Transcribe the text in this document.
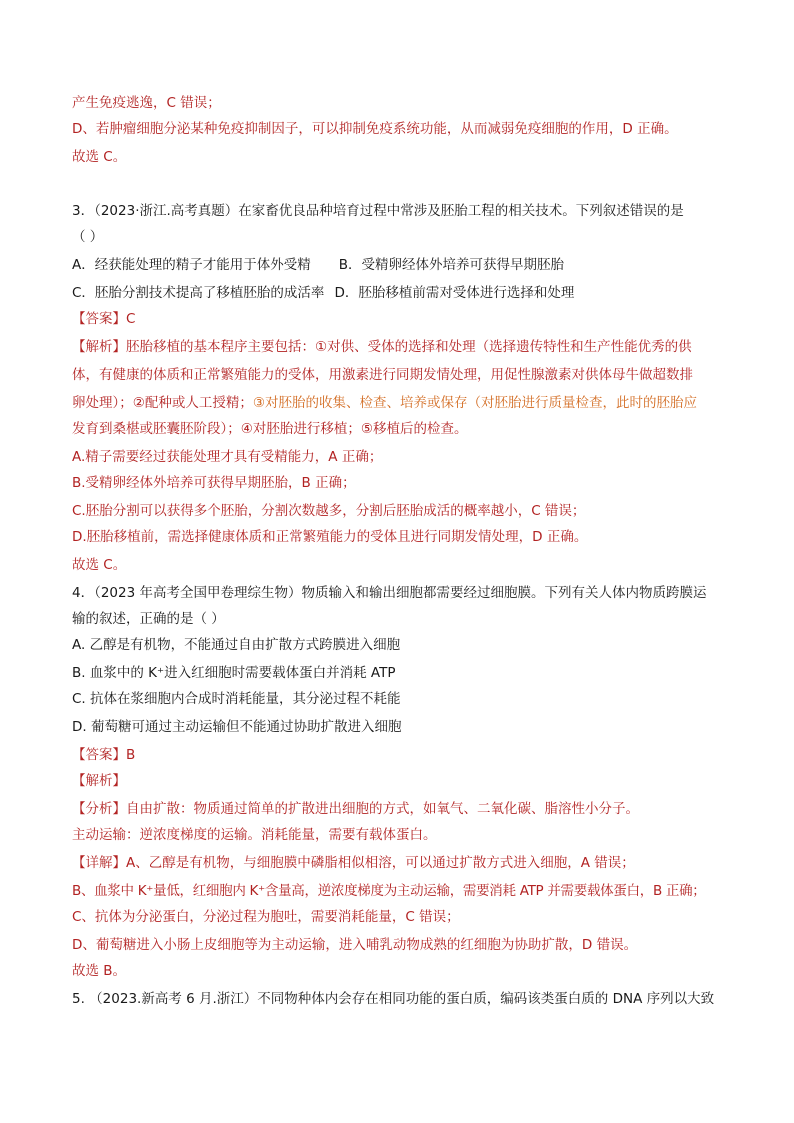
产生免疫逃逸，C 错误；
D、若肿瘤细胞分泌某种免疫抑制因子，可以抑制免疫系统功能，从而减弱免疫细胞的作用，D 正确。
故选 C。
3．（2023·浙江.高考真题）在家畜优良品种培育过程中常涉及胚胎工程的相关技术。下列叙述错误的是
（ ）
A．经获能处理的精子才能用于体外受精 B．受精卵经体外培养可获得早期胚胎
C．胚胎分割技术提高了移植胚胎的成活率 D．胚胎移植前需对受体进行选择和处理
【答案】C
【解析】胚胎移植的基本程序主要包括：①对供、受体的选择和处理（选择遗传特性和生产性能优秀的供
体，有健康的体质和正常繁殖能力的受体，用激素进行同期发情处理，用促性腺激素对供体母牛做超数排
卵处理）；②配种或人工授精；③对胚胎的收集、检查、培养或保存（对胚胎进行质量检查，此时的胚胎应
发育到桑椹或胚囊胚阶段）；④对胚胎进行移植；⑤移植后的检查。
A.精子需要经过获能处理才具有受精能力，A 正确；
B.受精卵经体外培养可获得早期胚胎，B 正确；
C.胚胎分割可以获得多个胚胎，分割次数越多，分割后胚胎成活的概率越小，C 错误；
D.胚胎移植前，需选择健康体质和正常繁殖能力的受体且进行同期发情处理，D 正确。
故选 C。
4．（2023 年高考全国甲卷理综生物）物质输入和输出细胞都需要经过细胞膜。下列有关人体内物质跨膜运
输的叙述，正确的是（ ）
A. 乙醇是有机物，不能通过自由扩散方式跨膜进入细胞
B. 血浆中的 K⁺进入红细胞时需要载体蛋白并消耗 ATP
C. 抗体在浆细胞内合成时消耗能量，其分泌过程不耗能
D. 葡萄糖可通过主动运输但不能通过协助扩散进入细胞
【答案】B
【解析】
【分析】自由扩散：物质通过简单的扩散进出细胞的方式，如氧气、二氧化碳、脂溶性小分子。
主动运输：逆浓度梯度的运输。消耗能量，需要有载体蛋白。
【详解】A、乙醇是有机物，与细胞膜中磷脂相似相溶，可以通过扩散方式进入细胞，A 错误；
B、血浆中 K⁺量低，红细胞内 K⁺含量高，逆浓度梯度为主动运输，需要消耗 ATP 并需要载体蛋白，B 正确；
C、抗体为分泌蛋白，分泌过程为胞吐，需要消耗能量，C 错误；
D、葡萄糖进入小肠上皮细胞等为主动运输，进入哺乳动物成熟的红细胞为协助扩散，D 错误。
故选 B。
5. （2023.新高考 6 月.浙江）不同物种体内会存在相同功能的蛋白质，编码该类蛋白质的 DNA 序列以大致
